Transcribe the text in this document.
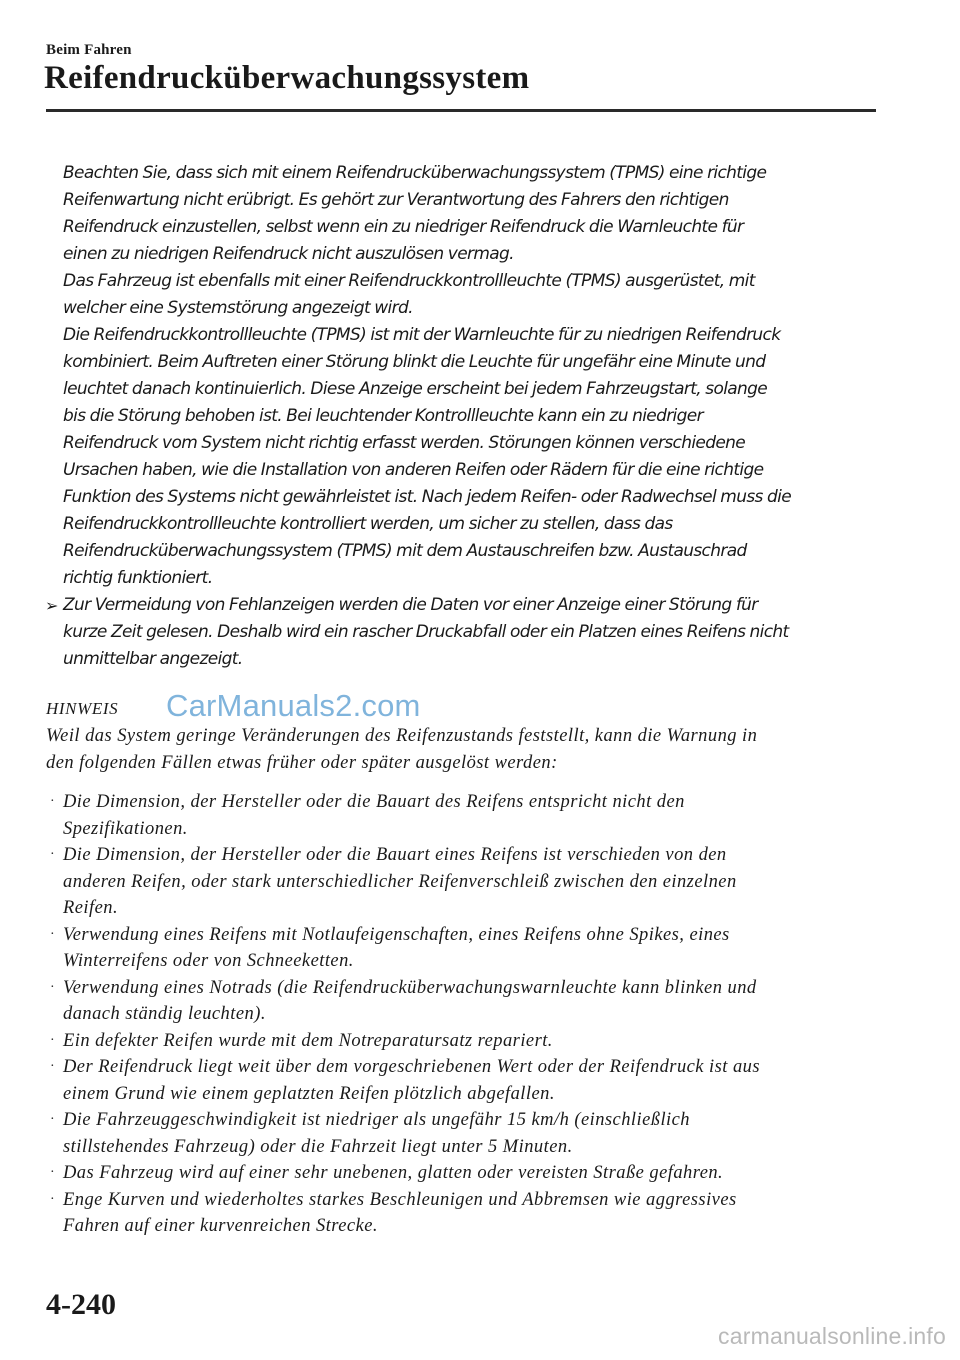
Beim Fahren
Reifendrucküberwachungssystem
Beachten Sie, dass sich mit einem Reifendrucküberwachungssystem (TPMS) eine richtige
Reifenwartung nicht erübrigt. Es gehört zur Verantwortung des Fahrers den richtigen
Reifendruck einzustellen, selbst wenn ein zu niedriger Reifendruck die Warnleuchte für
einen zu niedrigen Reifendruck nicht auszulösen vermag.
Das Fahrzeug ist ebenfalls mit einer Reifendruckkontrollleuchte (TPMS) ausgerüstet, mit
welcher eine Systemstörung angezeigt wird.
Die Reifendruckkontrollleuchte (TPMS) ist mit der Warnleuchte für zu niedrigen Reifendruck
kombiniert. Beim Auftreten einer Störung blinkt die Leuchte für ungefähr eine Minute und
leuchtet danach kontinuierlich. Diese Anzeige erscheint bei jedem Fahrzeugstart, solange
bis die Störung behoben ist. Bei leuchtender Kontrollleuchte kann ein zu niedriger
Reifendruck vom System nicht richtig erfasst werden. Störungen können verschiedene
Ursachen haben, wie die Installation von anderen Reifen oder Rädern für die eine richtige
Funktion des Systems nicht gewährleistet ist. Nach jedem Reifen- oder Radwechsel muss die
Reifendruckkontrollleuchte kontrolliert werden, um sicher zu stellen, dass das
Reifendrucküberwachungssystem (TPMS) mit dem Austauschreifen bzw. Austauschrad
richtig funktioniert.
➢ Zur Vermeidung von Fehlanzeigen werden die Daten vor einer Anzeige einer Störung für
kurze Zeit gelesen. Deshalb wird ein rascher Druckabfall oder ein Platzen eines Reifens nicht
unmittelbar angezeigt.
HINWEIS CarManuals2.com
Weil das System geringe Veränderungen des Reifenzustands feststellt, kann die Warnung in
den folgenden Fällen etwas früher oder später ausgelöst werden:
· Die Dimension, der Hersteller oder die Bauart des Reifens entspricht nicht den
Spezifikationen.
· Die Dimension, der Hersteller oder die Bauart eines Reifens ist verschieden von den
anderen Reifen, oder stark unterschiedlicher Reifenverschleiß zwischen den einzelnen
Reifen.
· Verwendung eines Reifens mit Notlaufeigenschaften, eines Reifens ohne Spikes, eines
Winterreifens oder von Schneeketten.
· Verwendung eines Notrads (die Reifendrucküberwachungswarnleuchte kann blinken und
danach ständig leuchten).
· Ein defekter Reifen wurde mit dem Notreparatursatz repariert.
· Der Reifendruck liegt weit über dem vorgeschriebenen Wert oder der Reifendruck ist aus
einem Grund wie einem geplatzten Reifen plötzlich abgefallen.
· Die Fahrzeuggeschwindigkeit ist niedriger als ungefähr 15 km/h (einschließlich
stillstehendes Fahrzeug) oder die Fahrzeit liegt unter 5 Minuten.
· Das Fahrzeug wird auf einer sehr unebenen, glatten oder vereisten Straße gefahren.
· Enge Kurven und wiederholtes starkes Beschleunigen und Abbremsen wie aggressives
Fahren auf einer kurvenreichen Strecke.
4-240
carmanualsonline.info
